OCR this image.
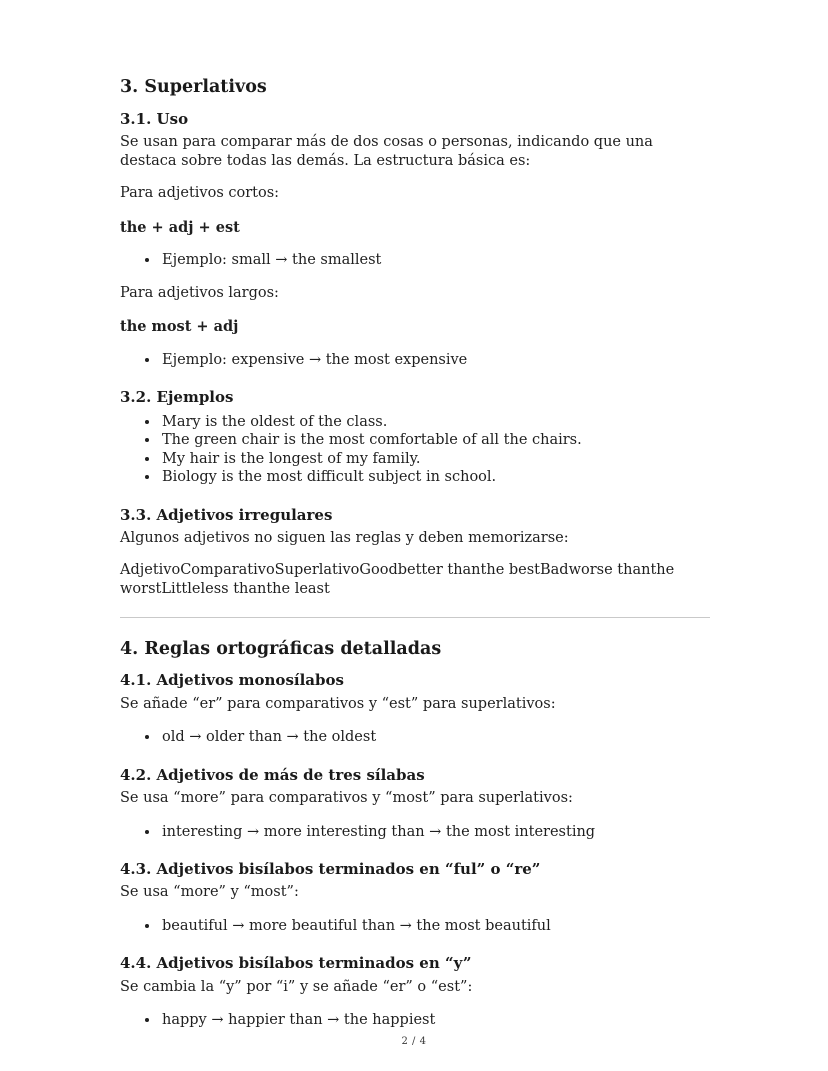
3. Superlativos
3.1. Uso

Se usan para comparar más de dos cosas o personas, indicando que una destaca sobre todas las demás. La estructura básica es:

Para adjetivos cortos:

the + adj + est

• Ejemplo: small → the smallest

Para adjetivos largos:

the most + adj

• Ejemplo: expensive → the most expensive
3.2. Ejemplos
• Mary is the oldest of the class.
• The green chair is the most comfortable of all the chairs.
• My hair is the longest of my family.
• Biology is the most difficult subject in school.
3.3. Adjetivos irregulares

Algunos adjetivos no siguen las reglas y deben memorizarse:

AdjetivoComparativoSuperlativoGoodbetter thanthe bestBadworse thanthe worstLittleless thanthe least

4. Reglas ortográficas detalladas
4.1. Adjetivos monosílabos

Se añade “er” para comparativos y “est” para superlativos:

• old → older than → the oldest
4.2. Adjetivos de más de tres sílabas

Se usa “more” para comparativos y “most” para superlativos:

• interesting → more interesting than → the most interesting
4.3. Adjetivos bisílabos terminados en “ful” o “re”

Se usa “more” y “most”:

• beautiful → more beautiful than → the most beautiful
4.4. Adjetivos bisílabos terminados en “y”

Se cambia la “y” por “i” y se añade “er” o “est”:

• happy → happier than → the happiest
2 / 4
